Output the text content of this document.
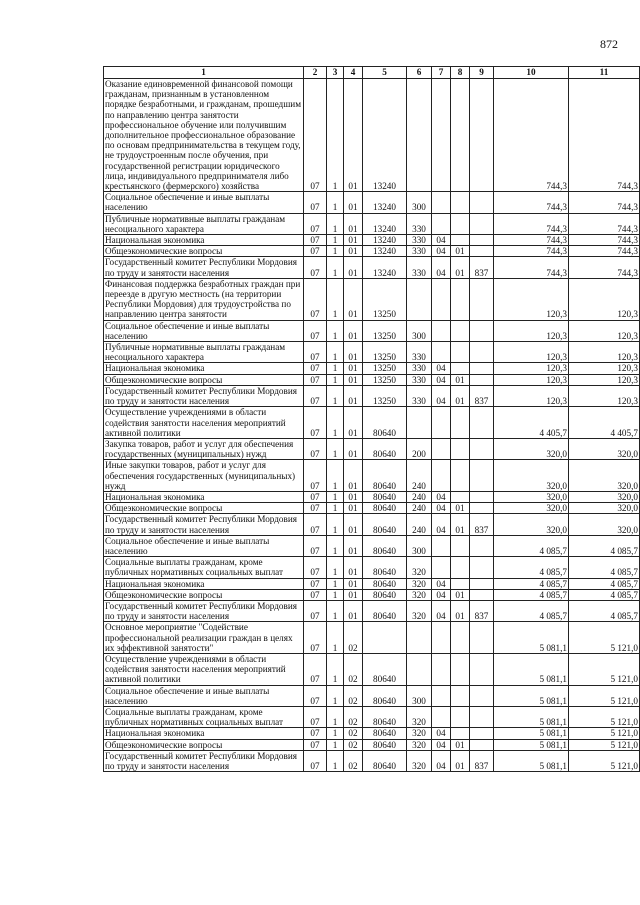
872
1	2	3	4	5	6	7	8	9	10	11
Оказание единовременной финансовой помощи гражданам, признанным в установленном порядке безработными, и гражданам, прошедшим по направлению центра занятости профессиональное обучение или получившим дополнительное профессиональное образование по основам предпринимательства в текущем году, не трудоустроенным после обучения, при государственной регистрации юридического лица, индивидуального предпринимателя либо крестьянского (фермерского) хозяйства	07	1	01	13240					744,3	744,3
Социальное обеспечение и иные выплаты населению	07	1	01	13240	300				744,3	744,3
Публичные нормативные выплаты гражданам несоциального характера	07	1	01	13240	330				744,3	744,3
Национальная экономика	07	1	01	13240	330	04			744,3	744,3
Общеэкономические вопросы	07	1	01	13240	330	04	01		744,3	744,3
Государственный комитет Республики Мордовия по труду и занятости населения	07	1	01	13240	330	04	01	837	744,3	744,3
Финансовая поддержка безработных граждан при переезде в другую местность (на территории Республики Мордовия) для трудоустройства по направлению центра занятости	07	1	01	13250					120,3	120,3
Социальное обеспечение и иные выплаты населению	07	1	01	13250	300				120,3	120,3
Публичные нормативные выплаты гражданам несоциального характера	07	1	01	13250	330				120,3	120,3
Национальная экономика	07	1	01	13250	330	04			120,3	120,3
Общеэкономические вопросы	07	1	01	13250	330	04	01		120,3	120,3
Государственный комитет Республики Мордовия по труду и занятости населения	07	1	01	13250	330	04	01	837	120,3	120,3
Осуществление учреждениями в области содействия занятости населения мероприятий активной политики	07	1	01	80640					4 405,7	4 405,7
Закупка товаров, работ и услуг для обеспечения государственных (муниципальных) нужд	07	1	01	80640	200				320,0	320,0
Иные закупки товаров, работ и услуг для обеспечения государственных (муниципальных) нужд	07	1	01	80640	240				320,0	320,0
Национальная экономика	07	1	01	80640	240	04			320,0	320,0
Общеэкономические вопросы	07	1	01	80640	240	04	01		320,0	320,0
Государственный комитет Республики Мордовия по труду и занятости населения	07	1	01	80640	240	04	01	837	320,0	320,0
Социальное обеспечение и иные выплаты населению	07	1	01	80640	300				4 085,7	4 085,7
Социальные выплаты гражданам, кроме публичных нормативных социальных выплат	07	1	01	80640	320				4 085,7	4 085,7
Национальная экономика	07	1	01	80640	320	04			4 085,7	4 085,7
Общеэкономические вопросы	07	1	01	80640	320	04	01		4 085,7	4 085,7
Государственный комитет Республики Мордовия по труду и занятости населения	07	1	01	80640	320	04	01	837	4 085,7	4 085,7
Основное мероприятие "Содействие профессиональной реализации граждан в целях их эффективной занятости"	07	1	02						5 081,1	5 121,0
Осуществление учреждениями в области содействия занятости населения мероприятий активной политики	07	1	02	80640					5 081,1	5 121,0
Социальное обеспечение и иные выплаты населению	07	1	02	80640	300				5 081,1	5 121,0
Социальные выплаты гражданам, кроме публичных нормативных социальных выплат	07	1	02	80640	320				5 081,1	5 121,0
Национальная экономика	07	1	02	80640	320	04			5 081,1	5 121,0
Общеэкономические вопросы	07	1	02	80640	320	04	01		5 081,1	5 121,0
Государственный комитет Республики Мордовия по труду и занятости населения	07	1	02	80640	320	04	01	837	5 081,1	5 121,0
